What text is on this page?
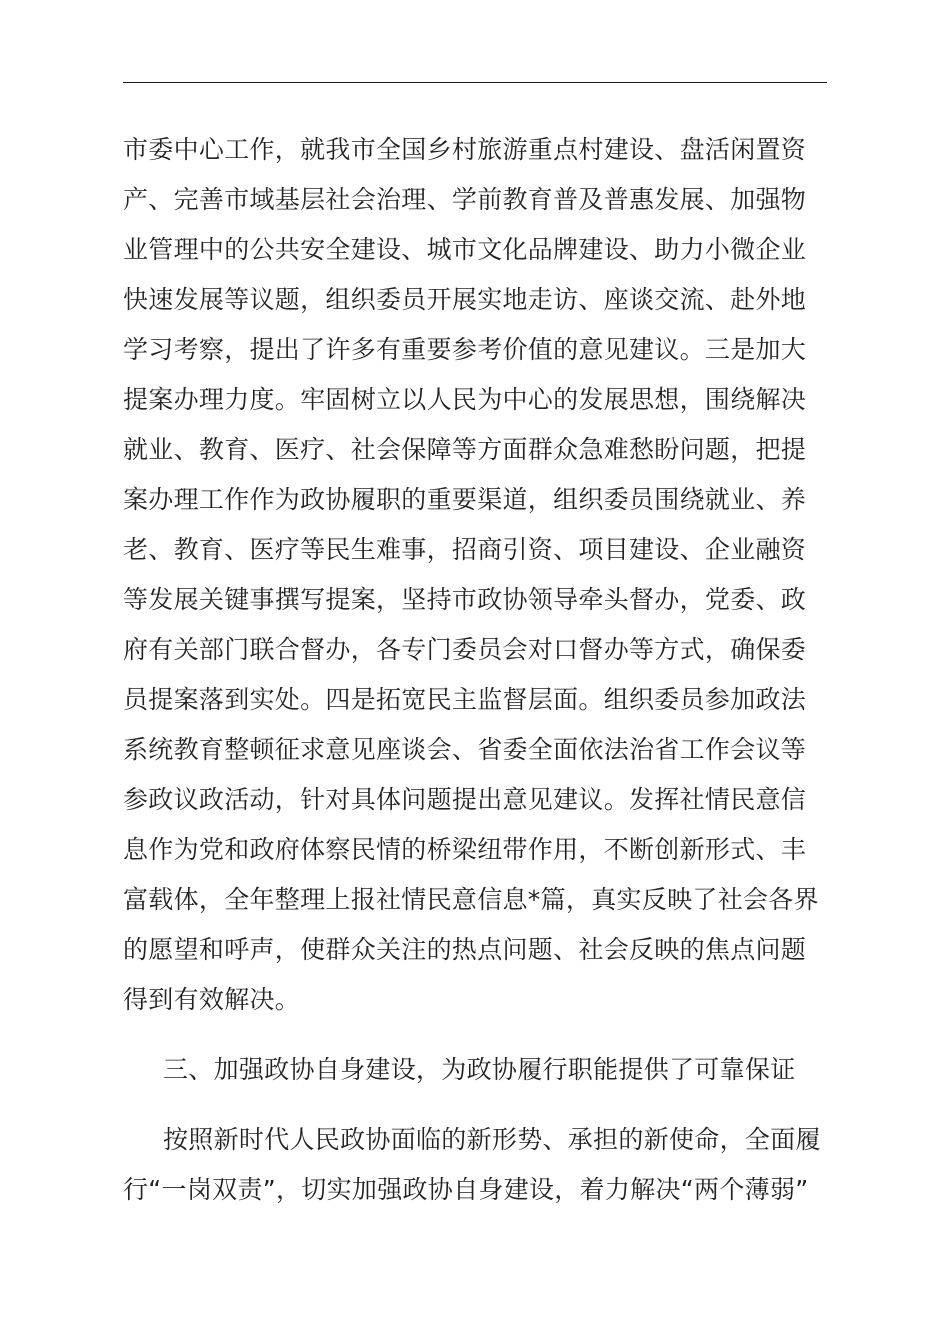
市委中心工作，就我市全国乡村旅游重点村建设、盘活闲置资
产、完善市域基层社会治理、学前教育普及普惠发展、加强物
业管理中的公共安全建设、城市文化品牌建设、助力小微企业
快速发展等议题，组织委员开展实地走访、座谈交流、赴外地
学习考察，提出了许多有重要参考价值的意见建议。三是加大
提案办理力度。牢固树立以人民为中心的发展思想，围绕解决
就业、教育、医疗、社会保障等方面群众急难愁盼问题，把提
案办理工作作为政协履职的重要渠道，组织委员围绕就业、养
老、教育、医疗等民生难事，招商引资、项目建设、企业融资
等发展关键事撰写提案，坚持市政协领导牵头督办，党委、政
府有关部门联合督办，各专门委员会对口督办等方式，确保委
员提案落到实处。四是拓宽民主监督层面。组织委员参加政法
系统教育整顿征求意见座谈会、省委全面依法治省工作会议等
参政议政活动，针对具体问题提出意见建议。发挥社情民意信
息作为党和政府体察民情的桥梁纽带作用，不断创新形式、丰
富载体，全年整理上报社情民意信息*篇，真实反映了社会各界
的愿望和呼声，使群众关注的热点问题、社会反映的焦点问题
得到有效解决。
三、加强政协自身建设，为政协履行职能提供了可靠保证
按照新时代人民政协面临的新形势、承担的新使命，全面履
行“一岗双责”，切实加强政协自身建设，着力解决“两个薄弱”
